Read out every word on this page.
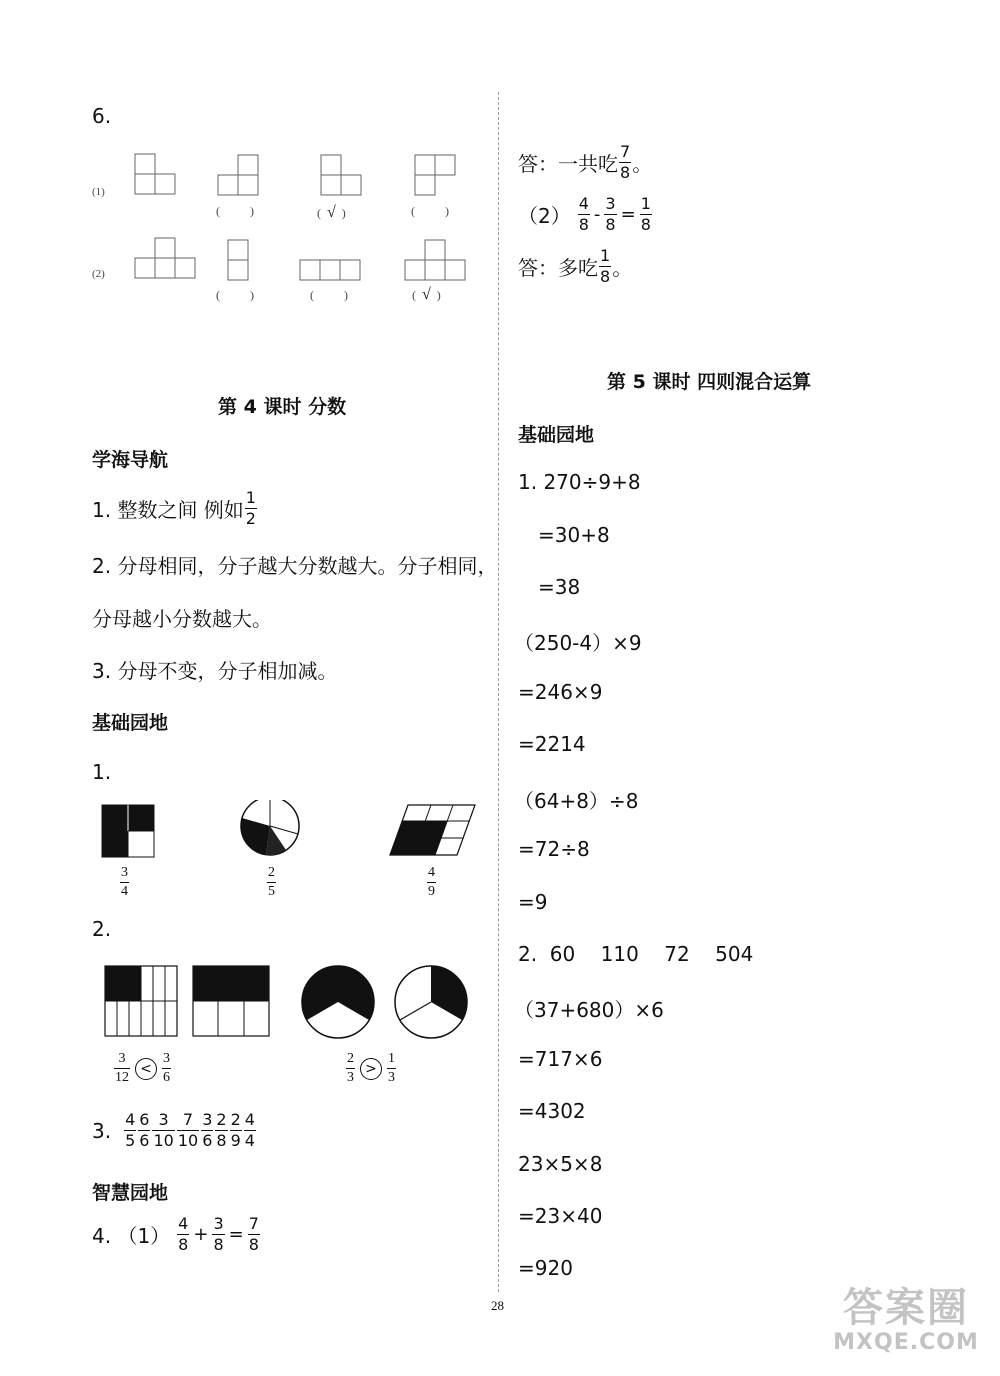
6.
(1)
(	)	( √ )	(	)
(2)
(	)	(	)	( √ )
第 4 课时 分数
学海导航
1. 整数之间 例如 $\frac{1}{2}$
2. 分母相同，分子越大分数越大。分子相同，
分母越小分数越大。
3. 分母不变，分子相加减。
基础园地
1.
$\frac{3}{4}$	$\frac{2}{5}$	$\frac{4}{9}$
2.
$\frac{3}{12} < \frac{3}{6}$	$\frac{2}{3} > \frac{1}{3}$
3. $\frac{4}{5} \frac{6}{6} \frac{3}{10} \frac{7}{10} \frac{3}{6} \frac{2}{8} \frac{2}{9} \frac{4}{4}$
智慧园地
4. $(1) \frac{4}{8} + \frac{3}{8} = \frac{7}{8}$
答：一共吃 $\frac{7}{8}$ 。
$(2) \frac{4}{8} - \frac{3}{8} = \frac{1}{8}$
答：多吃 $\frac{1}{8}$ 。
第 5 课时 四则混合运算
基础园地
1. 270÷9+8
=30+8
=38
（250-4）×9
=246×9
=2214
（64+8）÷8
=72÷8
=9
2.  60    110    72    504
（37+680）×6
=717×6
=4302
23×5×8
=23×40
=920
28	答案圈
MXQE.COM
